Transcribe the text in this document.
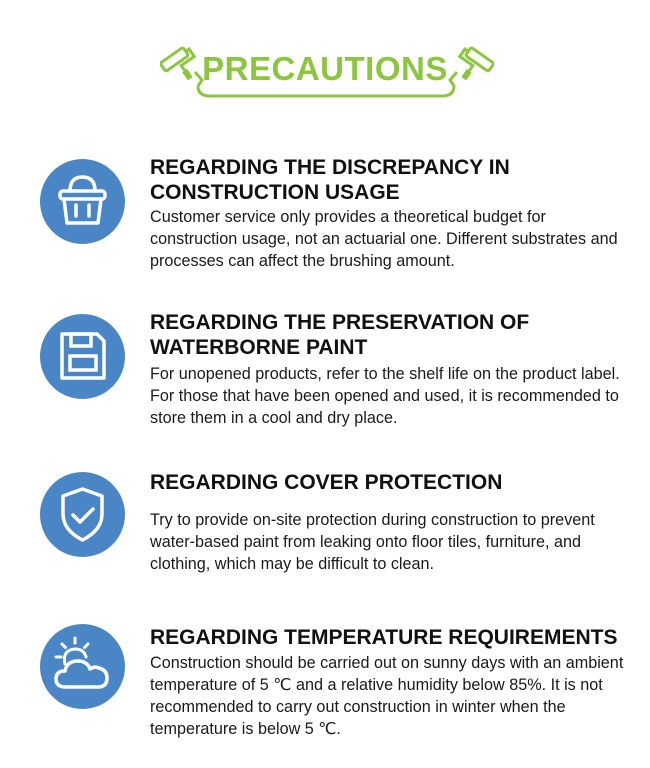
PRECAUTIONS
REGARDING THE DISCREPANCY IN
CONSTRUCTION USAGE
Customer service only provides a theoretical budget for construction usage, not an actuarial one. Different substrates and processes can affect the brushing amount.
REGARDING THE PRESERVATION OF
WATERBORNE PAINT
For unopened products, refer to the shelf life on the product label. For those that have been opened and used, it is recommended to store them in a cool and dry place.
REGARDING COVER PROTECTION
Try to provide on-site protection during construction to prevent water-based paint from leaking onto floor tiles, furniture, and clothing, which may be difficult to clean.
REGARDING TEMPERATURE REQUIREMENTS
Construction should be carried out on sunny days with an ambient temperature of 5 ℃ and a relative humidity below 85%. It is not recommended to carry out construction in winter when the temperature is below 5 ℃.
